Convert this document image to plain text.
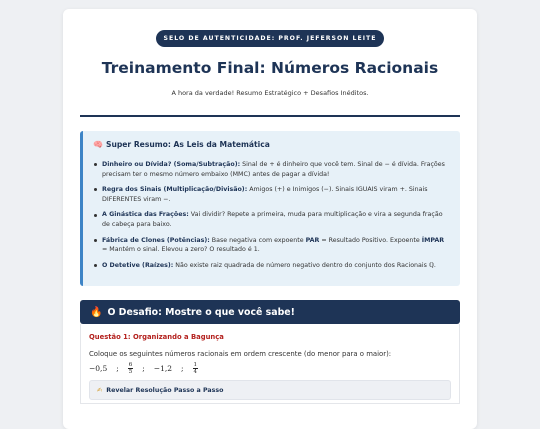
SELO DE AUTENTICIDADE: PROF. JEFERSON LEITE
Treinamento Final: Números Racionais

A hora da verdade! Resumo Estratégico + Desafios Inéditos.

🧠 Super Resumo: As Leis da Matemática
Dinheiro ou Dívida? (Soma/Subtração): Sinal de + é dinheiro que você tem. Sinal de − é dívida. Frações precisam ter o mesmo número embaixo (MMC) antes de pagar a dívida!
Regra dos Sinais (Multiplicação/Divisão): Amigos (+) e Inimigos (−). Sinais IGUAIS viram +. Sinais DIFERENTES viram −.
A Ginástica das Frações: Vai dividir? Repete a primeira, muda para multiplicação e vira a segunda fração de cabeça para baixo.
Fábrica de Clones (Potências): Base negativa com expoente PAR = Resultado Positivo. Expoente ÍMPAR = Mantém o sinal. Elevou a zero? O resultado é 1.
O Detetive (Raízes): Não existe raiz quadrada de número negativo dentro do conjunto dos Racionais ℚ.
🔥 O Desafio: Mostre o que você sabe!
Questão 1: Organizando a Bagunça
Coloque os seguintes números racionais em ordem crescente (do menor para o maior):
−0,5 ; $\frac{6}{5}$ ; −1,2 ; $\frac{1}{4}$
✍ Revelar Resolução Passo a Passo
